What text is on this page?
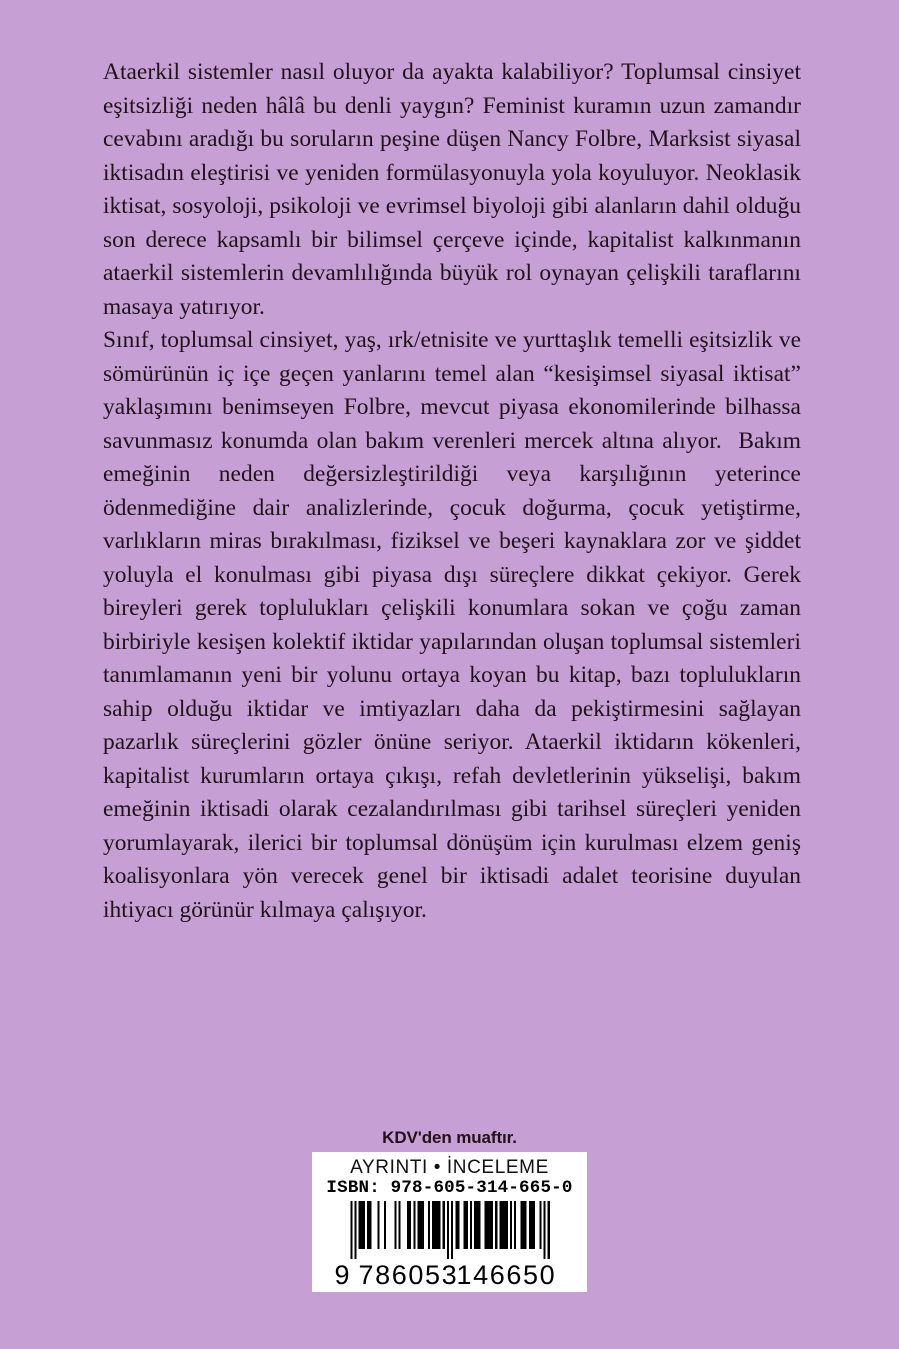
Ataerkil sistemler nasıl oluyor da ayakta kalabiliyor? Toplumsal cinsiyet eşitsizliği neden hâlâ bu denli yaygın? Feminist kuramın uzun zamandır cevabını aradığı bu soruların peşine düşen Nancy Folbre, Marksist siyasal iktisadın eleştirisi ve yeniden formülasyonuyla yola koyuluyor. Neoklasik iktisat, sosyoloji, psikoloji ve evrimsel biyoloji gibi alanların dahil olduğu son derece kapsamlı bir bilimsel çerçeve içinde, kapitalist kalkınmanın ataerkil sistemlerin devamlılığında büyük rol oynayan çelişkili taraflarını masaya yatırıyor.

Sınıf, toplumsal cinsiyet, yaş, ırk/etnisite ve yurttaşlık temelli eşitsizlik ve sömürünün iç içe geçen yanlarını temel alan “kesişimsel siyasal iktisat” yaklaşımını benimseyen Folbre, mevcut piyasa ekonomilerinde bilhassa savunmasız konumda olan bakım verenleri mercek altına alıyor.  Bakım emeğinin neden değersizleştirildiği veya karşılığının yeterince ödenmediğine dair analizlerinde, çocuk doğurma, çocuk yetiştirme, varlıkların miras bırakılması, fiziksel ve beşeri kaynaklara zor ve şiddet yoluyla el konulması gibi piyasa dışı süreçlere dikkat çekiyor. Gerek bireyleri gerek toplulukları çelişkili konumlara sokan ve çoğu zaman birbiriyle kesişen kolektif iktidar yapılarından oluşan toplumsal sistemleri tanımlamanın yeni bir yolunu ortaya koyan bu kitap, bazı toplulukların sahip olduğu iktidar ve imtiyazları daha da pekiştirmesini sağlayan pazarlık süreçlerini gözler önüne seriyor. Ataerkil iktidarın kökenleri, kapitalist kurumların ortaya çıkışı, refah devletlerinin yükselişi, bakım emeğinin iktisadi olarak cezalandırılması gibi tarihsel süreçleri yeniden yorumlayarak, ilerici bir toplumsal dönüşüm için kurulması elzem geniş koalisyonlara yön verecek genel bir iktisadi adalet teorisine duyulan ihtiyacı görünür kılmaya çalışıyor.

KDV'den muaftır.
AYRINTI • İNCELEME
ISBN: 978-605-314-665-0
9 786053
146650
